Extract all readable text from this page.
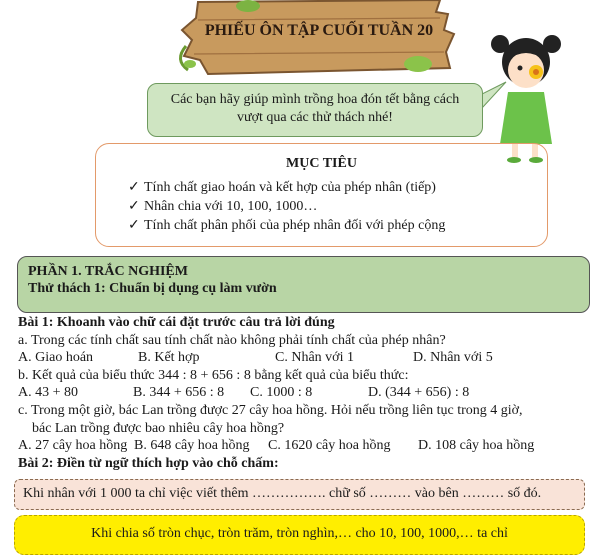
PHIẾU ÔN TẬP CUỐI TUẦN 20
Các bạn hãy giúp mình trồng hoa đón tết bằng cách
vượt qua các thử thách nhé!
MỤC TIÊU
✓ Tính chất giao hoán và kết hợp của phép nhân (tiếp)
✓ Nhân chia với 10, 100, 1000…
✓ Tính chất phân phối của phép nhân đối với phép cộng
PHẦN 1. TRẮC NGHIỆM
Thử thách 1: Chuẩn bị dụng cụ làm vườn
Bài 1: Khoanh vào chữ cái đặt trước câu trả lời đúng
a. Trong các tính chất sau tính chất nào không phải tính chất của phép nhân?
A. Giao hoán	B. Kết hợp	C. Nhân với 1	D. Nhân với 5
b. Kết quả của biểu thức 344 : 8 + 656 : 8 bằng kết quả của biểu thức:
A. 43 + 80	B. 344 + 656 : 8	C. 1000 : 8	D. (344 + 656) : 8
c. Trong một giờ, bác Lan trồng được 27 cây hoa hồng. Hỏi nếu trồng liên tục trong 4 giờ,
bác Lan trồng được bao nhiêu cây hoa hồng?
A. 27 cây hoa hồng B. 648 cây hoa hồng	C. 1620 cây hoa hồng	D. 108 cây hoa hồng
Bài 2: Điền từ ngữ thích hợp vào chỗ chấm:
Khi nhân với 1 000 ta chỉ việc viết thêm ……………. chữ số ……… vào bên ……… số đó.
Khi chia số tròn chục, tròn trăm, tròn nghìn,… cho 10, 100, 1000,… ta chỉ
